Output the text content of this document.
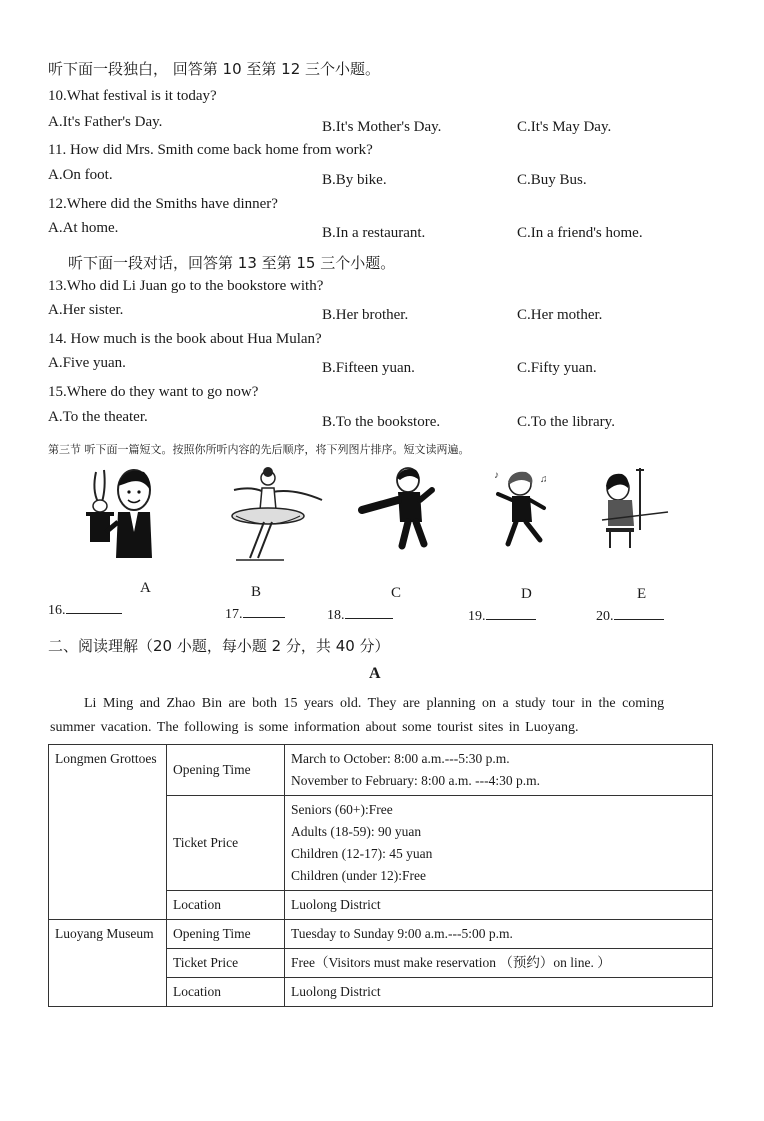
听下面一段独白， 回答第 10 至第 12 三个小题。
10.What festival is it today?
A.It's Father's Day.	B.It's Mother's Day.	C.It's May Day.
11. How did Mrs. Smith come back home from work?
A.On foot.	B.By bike.	C.Buy Bus.
12.Where did the Smiths have dinner?
A.At home.	B.In a restaurant.	C.In a friend's home.
听下面一段对话，回答第 13 至第 15 三个小题。
13.Who did Li Juan go to the bookstore with?
A.Her sister.	B.Her brother.	C.Her mother.
14. How much is the book about Hua Mulan?
A.Five yuan.	B.Fifteen yuan.	C.Fifty yuan.
15.Where do they want to go now?
A.To the theater.	B.To the bookstore.	C.To the library.
第三节 听下面一篇短文。按照你所听内容的先后顺序，将下列图片排序。短文读两遍。
♪	♫
A	B	C	D	E
16.	17.	18.	19.	20.
二、阅读理解（20 小题，每小题 2 分，共 40 分）
A
Li Ming and Zhao Bin are both 15 years old. They are planning on a study tour in the coming
summer vacation. The following is some information about some tourist sites in Luoyang.
Longmen Grottoes	Opening Time	March to October: 8:00 a.m.---5:30 p.m.
November to February: 8:00 a.m. ---4:30 p.m.

	Ticket Price	Seniors (60+):Free
Adults (18-59): 90 yuan
Children (12-17): 45 yuan
Children (under 12):Free

	Location	Luolong District
Luoyang Museum	Opening Time	Tuesday to Sunday 9:00 a.m.---5:00 p.m.
	Ticket Price	Free（Visitors must make reservation （预约）on line. ）
	Location	Luolong District
